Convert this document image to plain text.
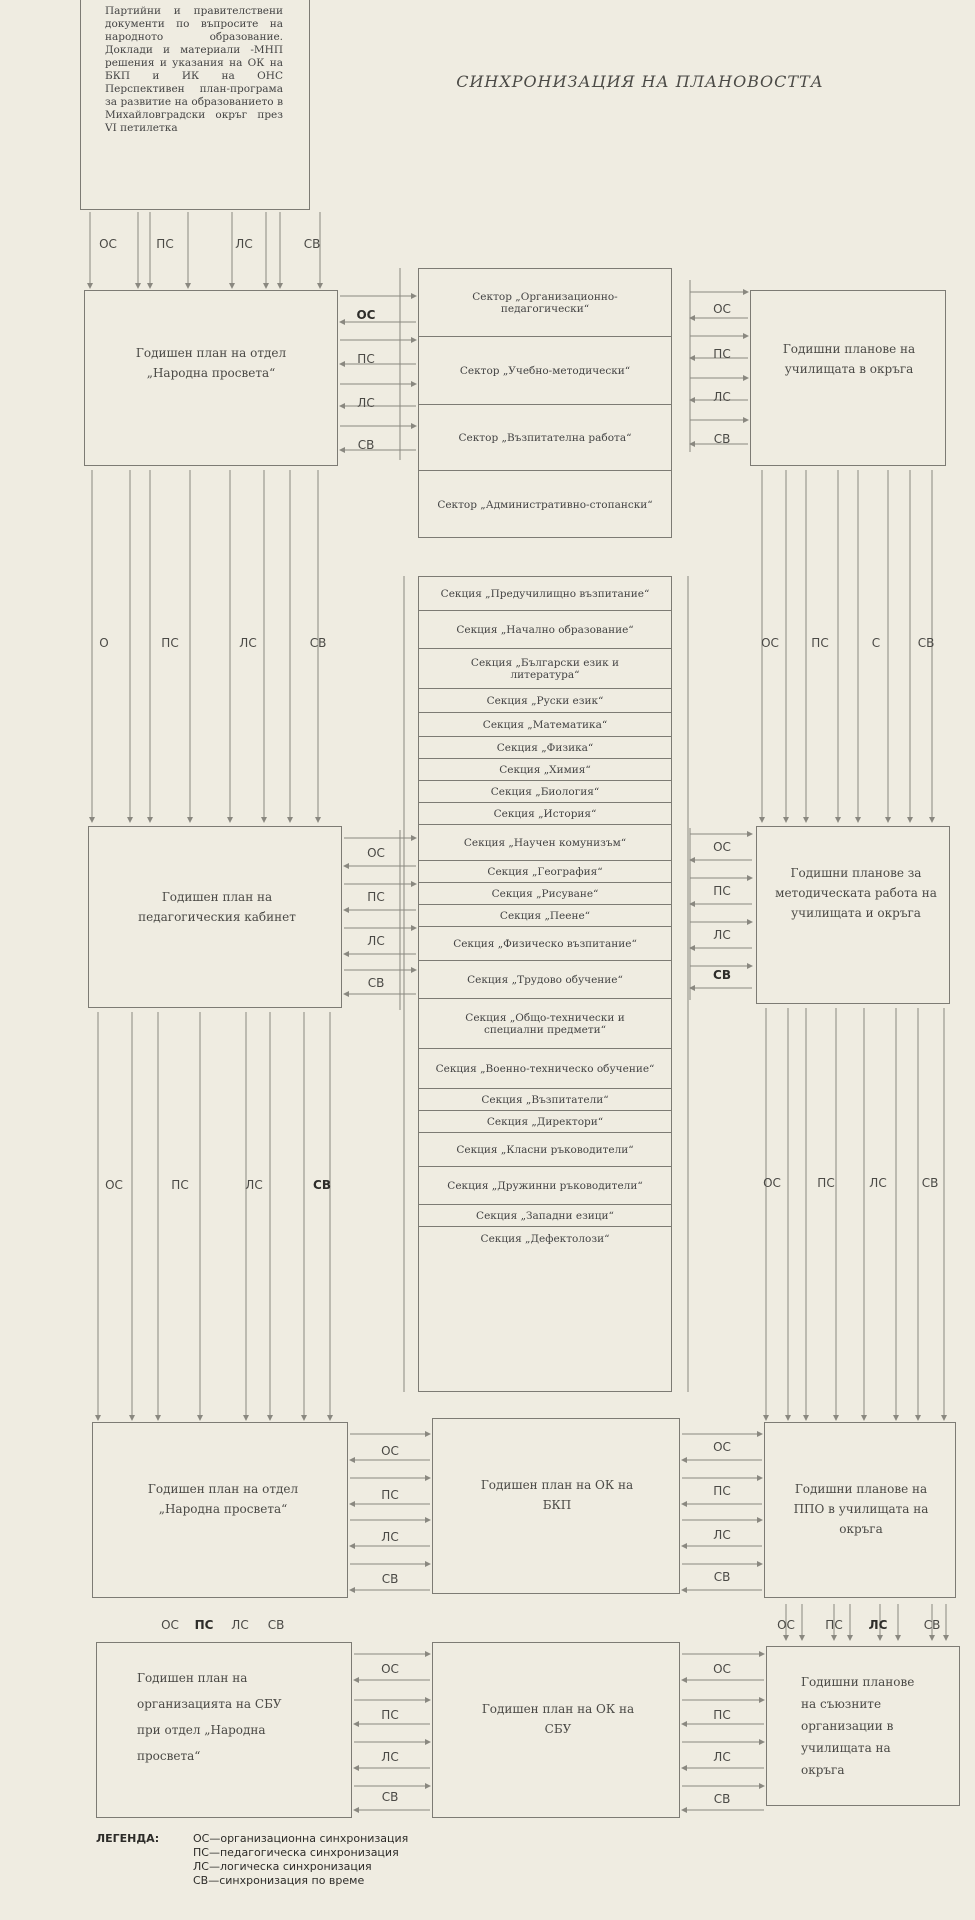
СИНХРОНИЗАЦИЯ НА ПЛАНОВОСТТА
Партийни и правителствени документи по въпросите на народното образование. Доклади и материали -МНП решения и указания на ОК на БКП и ИК на ОНС Перспективен план-програма за развитие на образованието в Михайловградски окръг през VI петилетка
Годишен план на отдел „Народна просвета“
Сектор „Организационно-педагогически“
Сектор „Учебно-методически“
Сектор „Възпитателна работа“
Сектор „Административно-стопански“
Годишни планове на училищата в окръга
Секция „Предучилищно възпитание“
Секция „Начално образование“
Секция „Български език и литература“
Секция „Руски език“
Секция „Математика“
Секция „Физика“
Секция „Химия“
Секция „Биология“
Секция „История“
Секция „Научен комунизъм“
Секция „География“
Секция „Рисуване“
Секция „Пеене“
Секция „Физическо възпитание“
Секция „Трудово обучение“
Секция „Общо-технически и специални предмети“
Секция „Военно-техническо обучение“
Секция „Възпитатели“
Секция „Директори“
Секция „Класни ръководители“
Секция „Дружинни ръководители“
Секция „Западни езици“
Секция „Дефектолози“
Годишен план на педагогическия кабинет
Годишни планове за методическата работа на училищата и окръга
Годишен план на отдел „Народна просвета“
Годишен план на ОК на БКП
Годишни планове на ППО в училищата на окръга
Годишен план на организацията на СБУ при отдел „Народна просвета“
Годишен план на ОК на СБУ
Годишни планове на съюзните организации в училищата на окръга
ОС	ПС	ЛС	СВ
ОС
ПС
ЛС
СВ
ОС
ПС
ЛС
СВ
О	ПС	ЛС	СВ	ОС	ПС	С	СВ
ОС
ПС
ЛС
СВ
ОС
ПС
ЛС
СВ
ОС	ПС	ЛС	СВ	ОС	ПС	ЛС	СВ
ОС
ПС
ЛС
СВ
ОС
ПС
ЛС
СВ
ОС	ПС	ЛС	СВ	ОС	ПС	ЛС	СВ
ОС
ПС
ЛС
СВ
ОС
ПС
ЛС
СВ
ЛЕГЕНДА:	ОС—организационна синхронизация
ПС—педагогическа синхронизация
ЛС—логическа синхронизация
СВ—синхронизация по време
